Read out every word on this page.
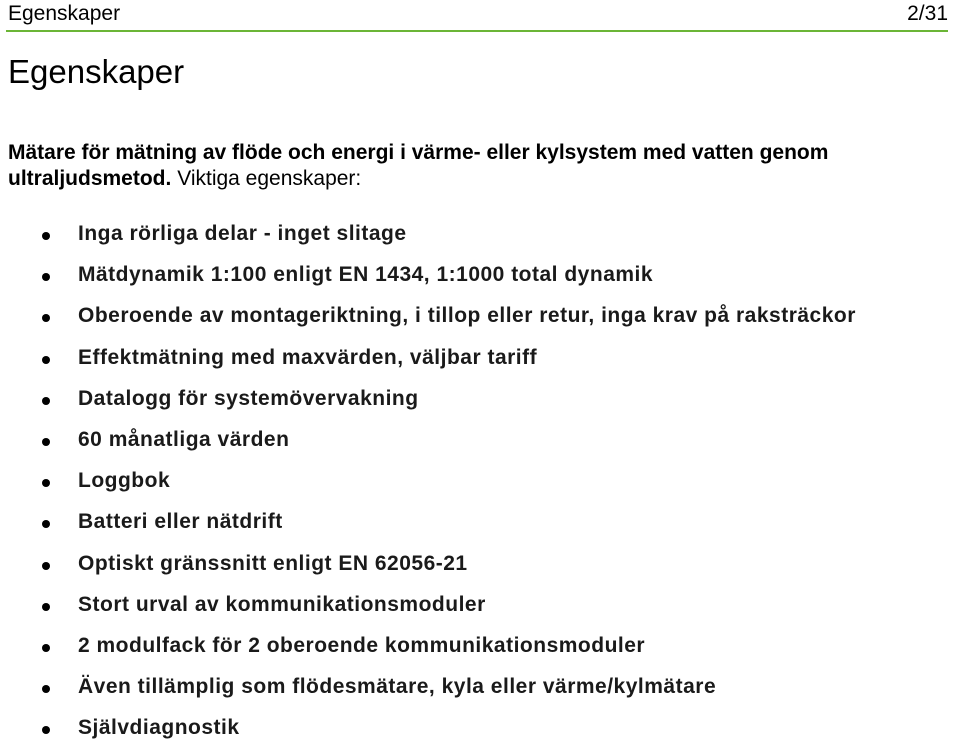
Egenskaper	2/31
Egenskaper

Mätare för mätning av flöde och energi i värme- eller kylsystem med vatten genom ultraljudsmetod. Viktiga egenskaper:

Inga rörliga delar - inget slitage
Mätdynamik 1:100 enligt EN 1434, 1:1000 total dynamik
Oberoende av montageriktning, i tillop eller retur, inga krav på raksträckor
Effektmätning med maxvärden, väljbar tariff
Datalogg för systemövervakning
60 månatliga värden
Loggbok
Batteri eller nätdrift
Optiskt gränssnitt enligt EN 62056-21
Stort urval av kommunikationsmoduler
2 modulfack för 2 oberoende kommunikationsmoduler
Även tillämplig som flödesmätare, kyla eller värme/kylmätare
Självdiagnostik
